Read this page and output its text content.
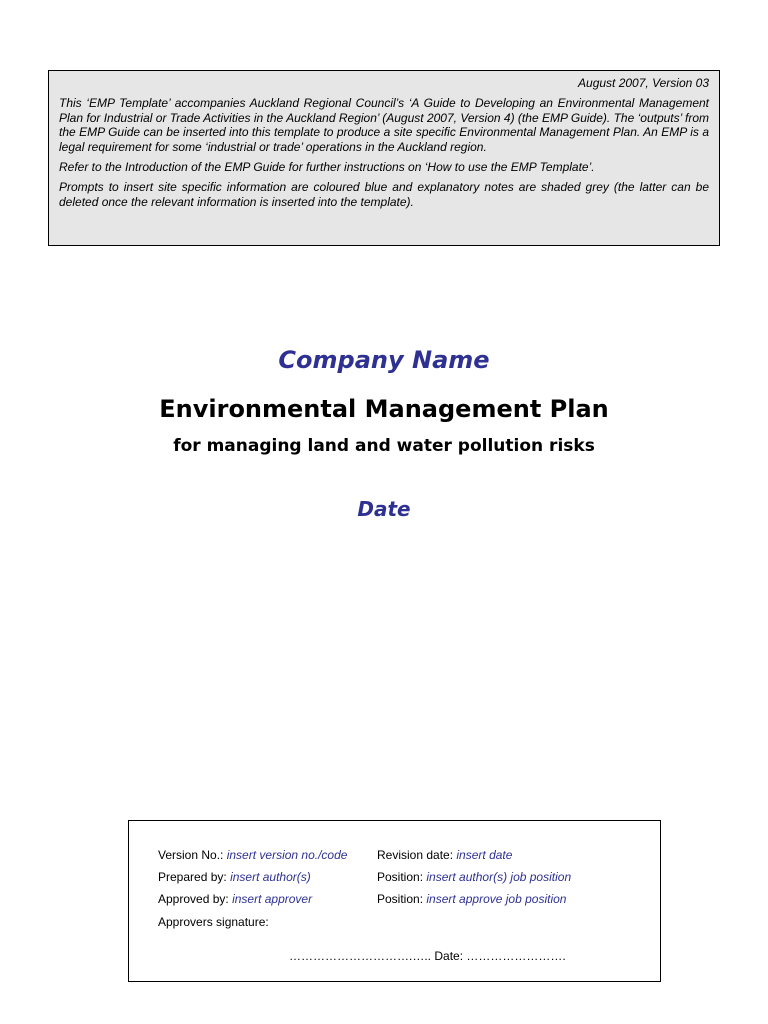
August 2007, Version 03

This ‘EMP Template’ accompanies Auckland Regional Council’s ‘A Guide to Developing an Environmental Management Plan for Industrial or Trade Activities in the Auckland Region’ (August 2007, Version 4) (the EMP Guide). The ‘outputs’ from the EMP Guide can be inserted into this template to produce a site specific Environmental Management Plan. An EMP is a legal requirement for some ‘industrial or trade’ operations in the Auckland region.

Refer to the Introduction of the EMP Guide for further instructions on ‘How to use the EMP Template’.

Prompts to insert site specific information are coloured blue and explanatory notes are shaded grey (the latter can be deleted once the relevant information is inserted into the template).

Company Name
Environmental Management Plan
for managing land and water pollution risks
Date
Version No.: insert version no./code Revision date: insert date
Prepared by: insert author(s)	Position: insert author(s) job position
Approved by: insert approver	Position: insert approve job position
Approvers signature:
………………………….….. Date: …………………….
